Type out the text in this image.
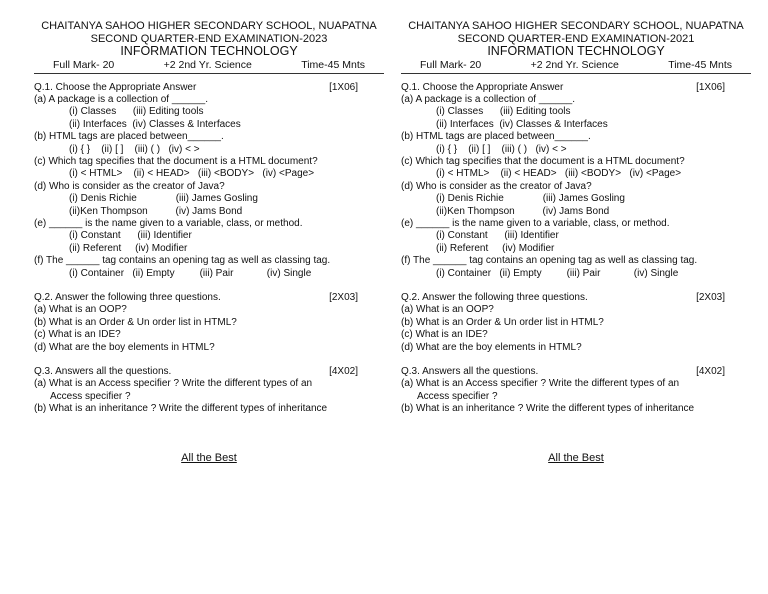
CHAITANYA SAHOO HIGHER SECONDARY SCHOOL, NUAPATNA
SECOND QUARTER-END EXAMINATION-2023
INFORMATION TECHNOLOGY
Full Mark- 20	+2 2nd Yr. Science	Time-45 Mnts
Q.1. Choose the Appropriate Answer	[1X06]
(a) A package is a collection of ______.
(i) Classes      (iii) Editing tools
(ii) Interfaces  (iv) Classes & Interfaces
(b) HTML tags are placed between______.
(i) { }    (ii) [ ]    (iii) ( )   (iv) < >
(c) Which tag specifies that the document is a HTML document?
(i) < HTML>    (ii) < HEAD>   (iii) <BODY>   (iv) <Page>
(d) Who is consider as the creator of Java?
(i) Denis Richie              (iii) James Gosling
(ii)Ken Thompson          (iv) Jams Bond
(e) ______ is the name given to a variable, class, or method.
(i) Constant      (iii) Identifier
(ii) Referent     (iv) Modifier
(f) The ______ tag contains an opening tag as well as classing tag.
(i) Container   (ii) Empty         (iii) Pair            (iv) Single
Q.2. Answer the following three questions.	[2X03]
(a) What is an OOP?
(b) What is an Order & Un order list in HTML?
(c) What is an IDE?
(d) What are the boy elements in HTML?
Q.3. Answers all the questions.	[4X02]
(a) What is an Access specifier ? Write the different types of an
Access specifier ?
(b) What is an inheritance ? Write the different types of inheritance
All the Best
CHAITANYA SAHOO HIGHER SECONDARY SCHOOL, NUAPATNA
SECOND QUARTER-END EXAMINATION-2021
INFORMATION TECHNOLOGY
Full Mark- 20	+2 2nd Yr. Science	Time-45 Mnts
Q.1. Choose the Appropriate Answer	[1X06]
(a) A package is a collection of ______.
(i) Classes      (iii) Editing tools
(ii) Interfaces  (iv) Classes & Interfaces
(b) HTML tags are placed between______.
(i) { }    (ii) [ ]    (iii) ( )   (iv) < >
(c) Which tag specifies that the document is a HTML document?
(i) < HTML>    (ii) < HEAD>   (iii) <BODY>   (iv) <Page>
(d) Who is consider as the creator of Java?
(i) Denis Richie              (iii) James Gosling
(ii)Ken Thompson          (iv) Jams Bond
(e) ______ is the name given to a variable, class, or method.
(i) Constant      (iii) Identifier
(ii) Referent     (iv) Modifier
(f) The ______ tag contains an opening tag as well as classing tag.
(i) Container   (ii) Empty         (iii) Pair            (iv) Single
Q.2. Answer the following three questions.	[2X03]
(a) What is an OOP?
(b) What is an Order & Un order list in HTML?
(c) What is an IDE?
(d) What are the boy elements in HTML?
Q.3. Answers all the questions.	[4X02]
(a) What is an Access specifier ? Write the different types of an
Access specifier ?
(b) What is an inheritance ? Write the different types of inheritance
All the Best
